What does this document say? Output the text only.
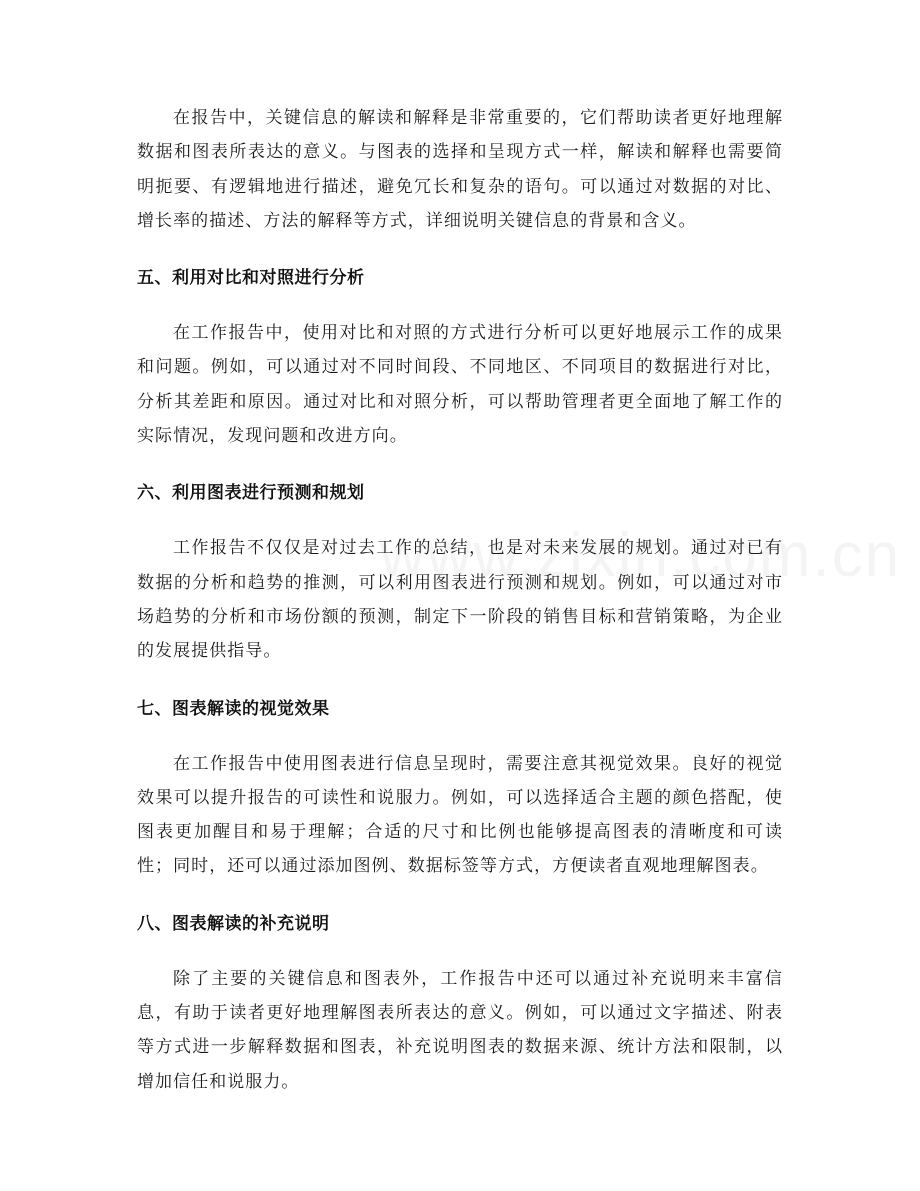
在报告中，关键信息的解读和解释是非常重要的，它们帮助读者更好地理解数据和图表所表达的意义。与图表的选择和呈现方式一样，解读和解释也需要简明扼要、有逻辑地进行描述，避免冗长和复杂的语句。可以通过对数据的对比、增长率的描述、方法的解释等方式，详细说明关键信息的背景和含义。

五、利用对比和对照进行分析

在工作报告中，使用对比和对照的方式进行分析可以更好地展示工作的成果和问题。例如，可以通过对不同时间段、不同地区、不同项目的数据进行对比，分析其差距和原因。通过对比和对照分析，可以帮助管理者更全面地了解工作的实际情况，发现问题和改进方向。

六、利用图表进行预测和规划

工作报告不仅仅是对过去工作的总结，也是对未来发展的规划。通过对已有数据的分析和趋势的推测，可以利用图表进行预测和规划。例如，可以通过对市场趋势的分析和市场份额的预测，制定下一阶段的销售目标和营销策略，为企业的发展提供指导。

七、图表解读的视觉效果

在工作报告中使用图表进行信息呈现时，需要注意其视觉效果。良好的视觉效果可以提升报告的可读性和说服力。例如，可以选择适合主题的颜色搭配，使图表更加醒目和易于理解；合适的尺寸和比例也能够提高图表的清晰度和可读性；同时，还可以通过添加图例、数据标签等方式，方便读者直观地理解图表。

八、图表解读的补充说明

除了主要的关键信息和图表外，工作报告中还可以通过补充说明来丰富信息，有助于读者更好地理解图表所表达的意义。例如，可以通过文字描述、附表等方式进一步解释数据和图表，补充说明图表的数据来源、统计方法和限制，以增加信任和说服力。
